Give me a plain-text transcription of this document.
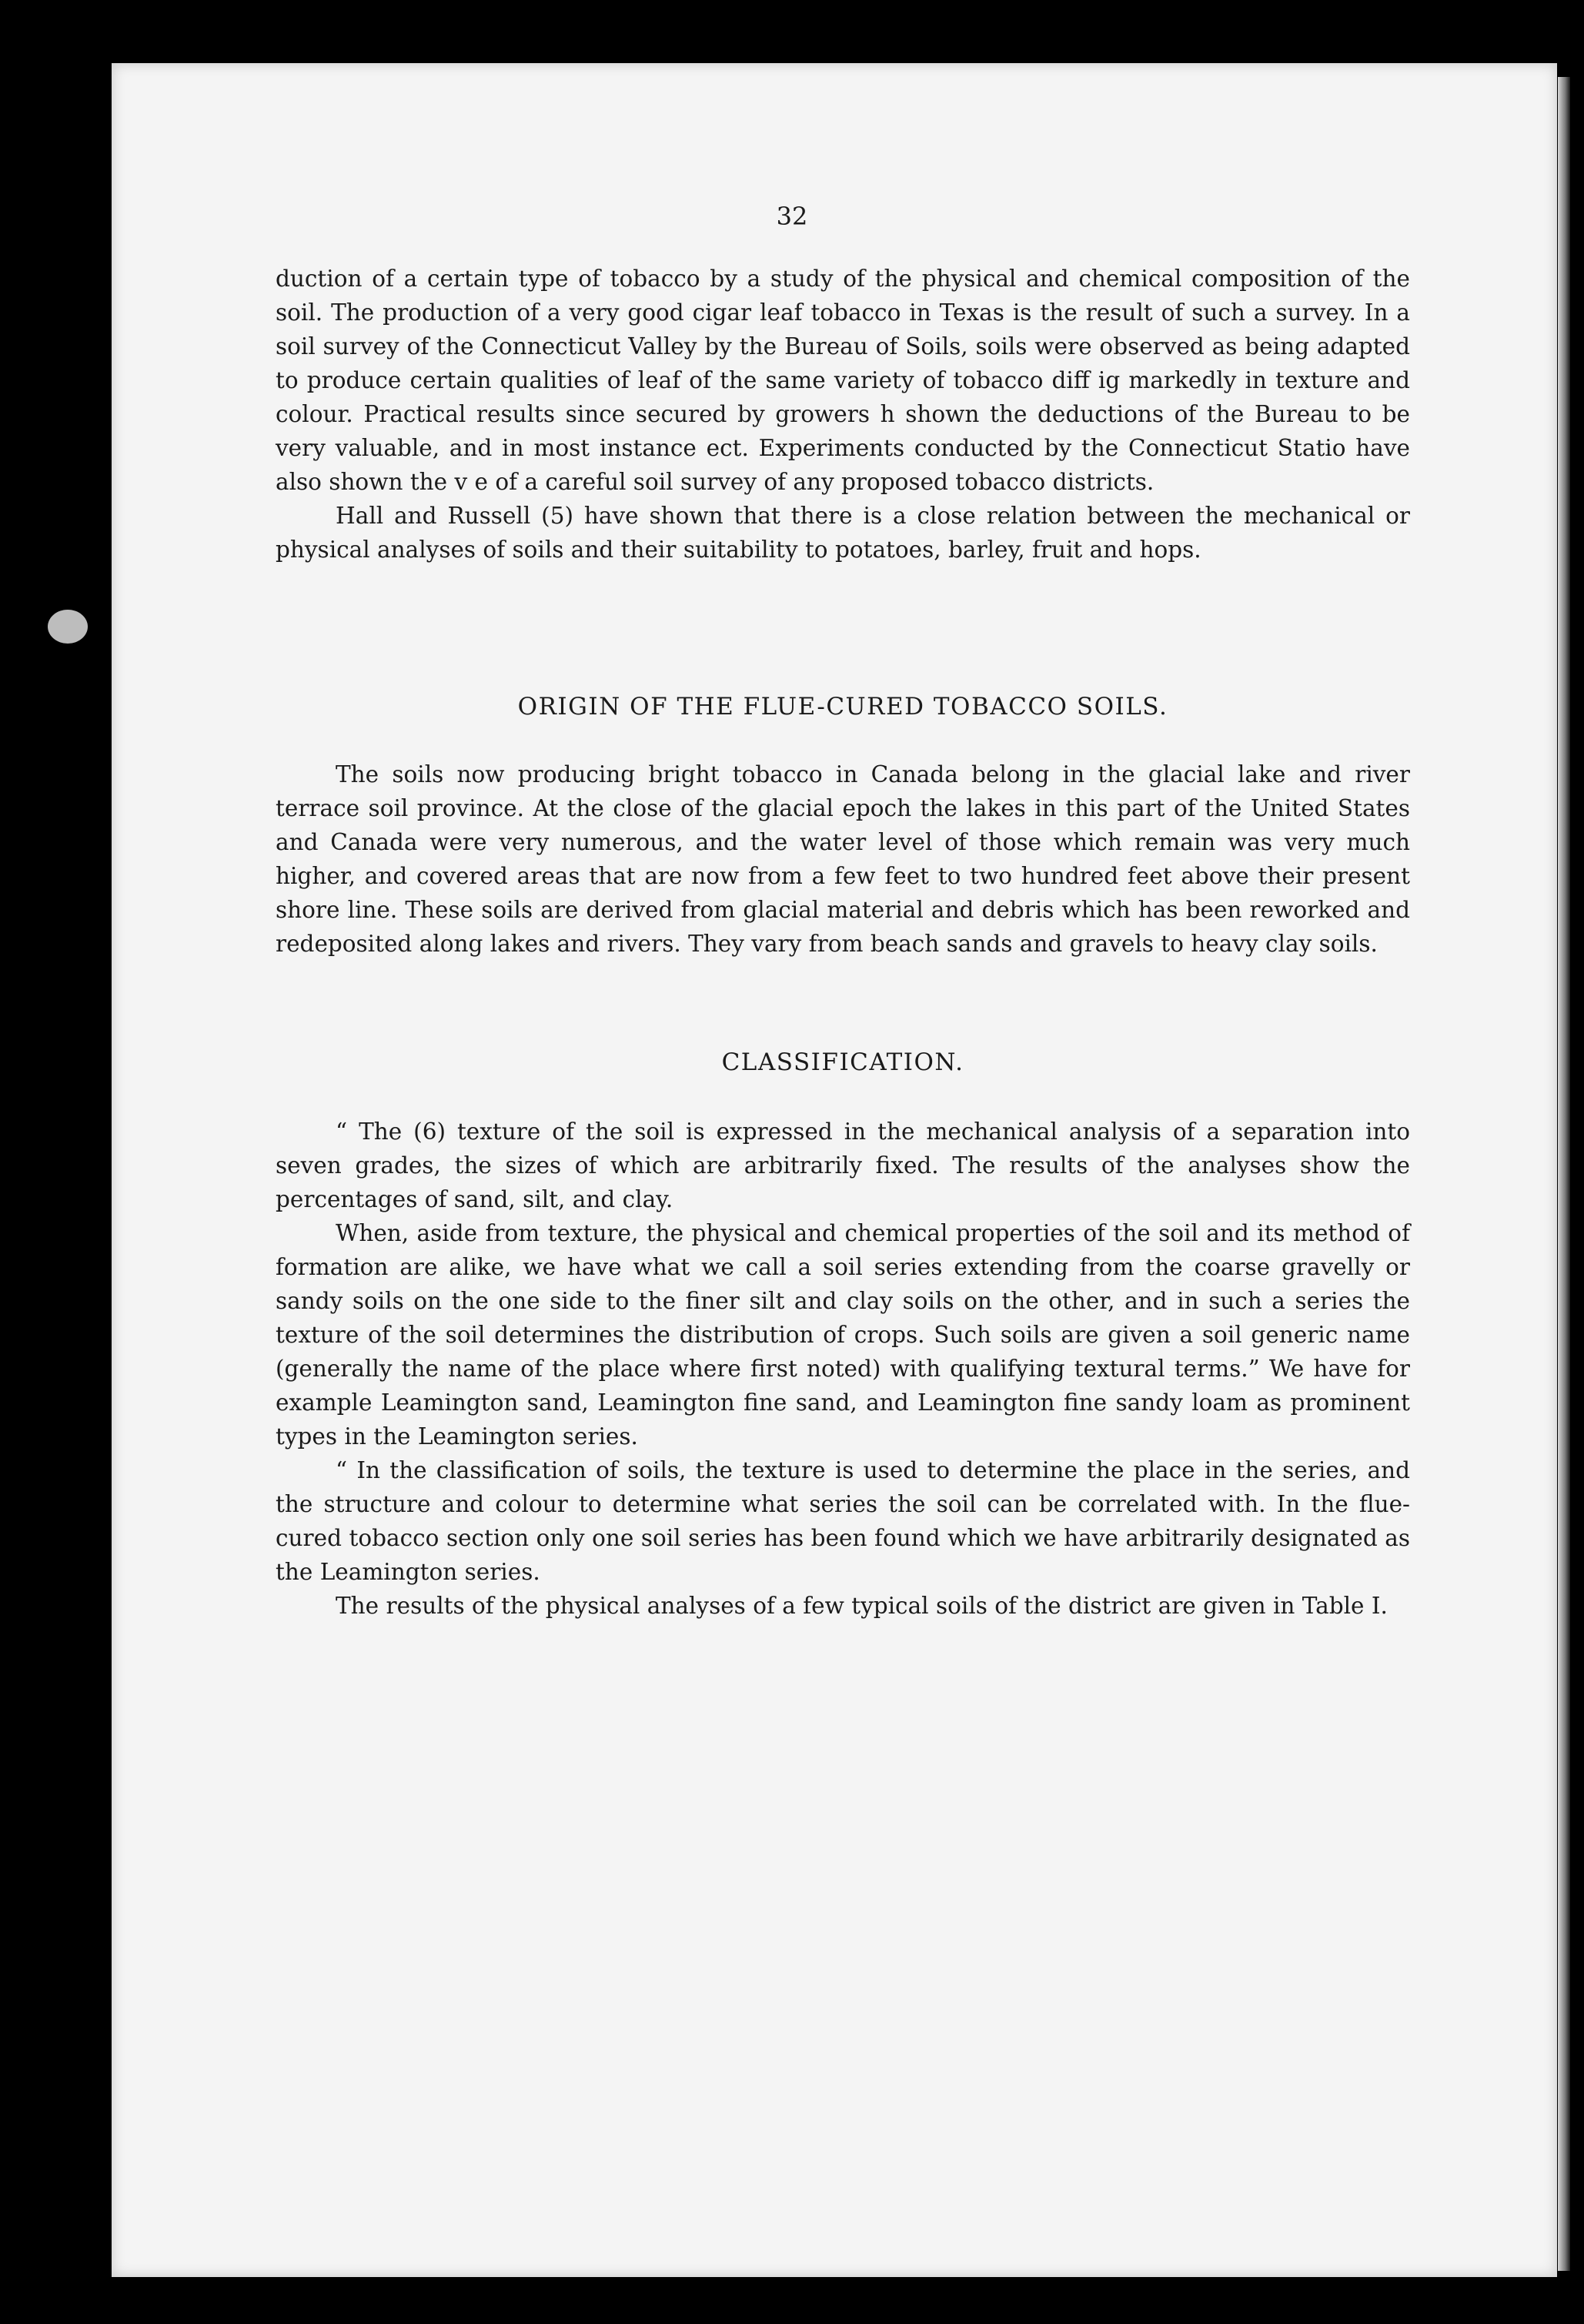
32

duction of a certain type of tobacco by a study of the physical and chemical composition of the soil. The production of a very good cigar leaf tobacco in Texas is the result of such a survey. In a soil survey of the Connecticut Valley by the Bureau of Soils, soils were observed as being adapted to produce certain qualities of leaf of the same variety of tobacco diff ig markedly in texture and colour. Practical results since secured by growers h shown the deductions of the Bureau to be very valuable, and in most instance ect. Experiments conducted by the Connecticut Statio have also shown the v e of a careful soil survey of any proposed tobacco districts.

Hall and Russell (5) have shown that there is a close relation between the mechanical or physical analyses of soils and their suitability to potatoes, barley, fruit and hops.

ORIGIN OF THE FLUE-CURED TOBACCO SOILS.

The soils now producing bright tobacco in Canada belong in the glacial lake and river terrace soil province. At the close of the glacial epoch the lakes in this part of the United States and Canada were very numerous, and the water level of those which remain was very much higher, and covered areas that are now from a few feet to two hundred feet above their present shore line. These soils are derived from glacial material and debris which has been reworked and redeposited along lakes and rivers. They vary from beach sands and gravels to heavy clay soils.

CLASSIFICATION.

“ The (6) texture of the soil is expressed in the mechanical analysis of a separation into seven grades, the sizes of which are arbitrarily fixed. The results of the analyses show the percentages of sand, silt, and clay.

When, aside from texture, the physical and chemical properties of the soil and its method of formation are alike, we have what we call a soil series extending from the coarse gravelly or sandy soils on the one side to the finer silt and clay soils on the other, and in such a series the texture of the soil determines the distribution of crops. Such soils are given a soil generic name (generally the name of the place where first noted) with qualifying textural terms.” We have for example Leamington sand, Leamington fine sand, and Leamington fine sandy loam as prominent types in the Leamington series.

“ In the classification of soils, the texture is used to determine the place in the series, and the structure and colour to determine what series the soil can be correlated with. In the flue-cured tobacco section only one soil series has been found which we have arbitrarily designated as the Leamington series.

The results of the physical analyses of a few typical soils of the district are given in Table I.
